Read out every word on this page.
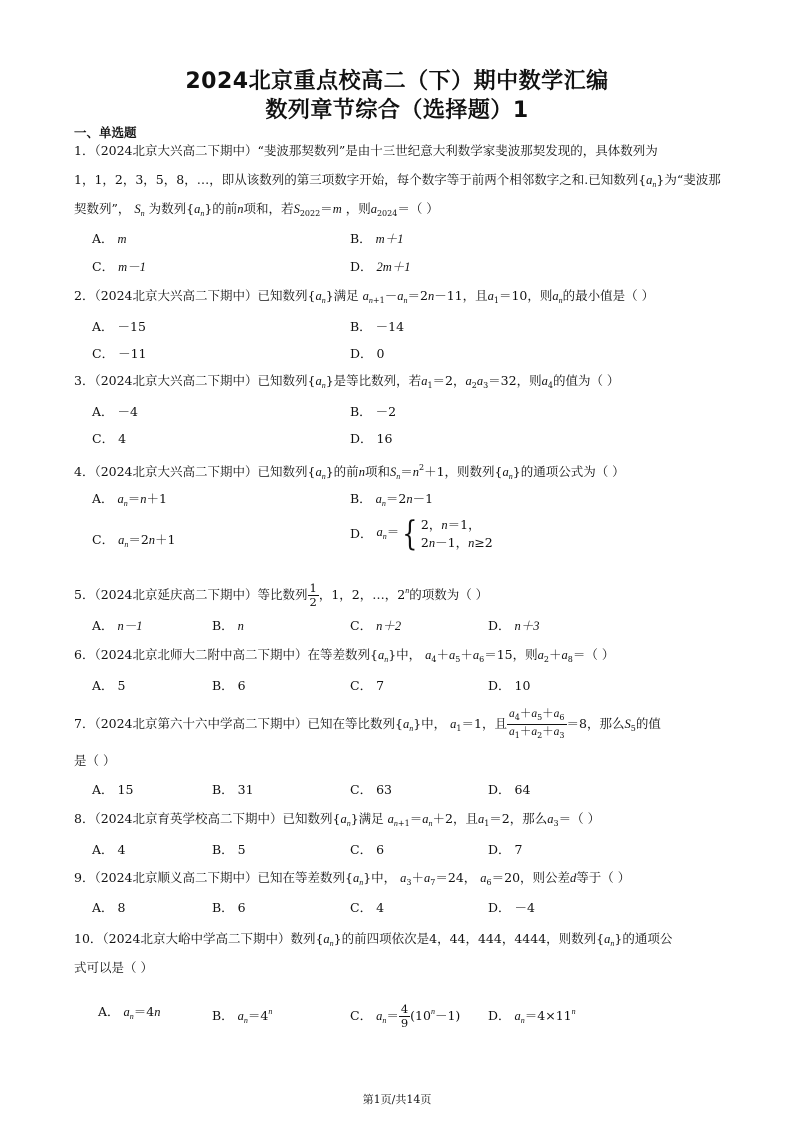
2024北京重点校高二（下）期中数学汇编
数列章节综合（选择题）1
一、单选题
1．（2024北京大兴高二下期中）“斐波那契数列”是由十三世纪意大利数学家斐波那契发现的，具体数列为
1，1，2，3，5，8，…，即从该数列的第三项数字开始，每个数字等于前两个相邻数字之和.已知数列$\{a_n\}$为“斐波那
契数列”， $S_n$ 为数列$\{a_n\}$的前n项和，若$S_{2022}=m$ ，则$a_{2024}=$（ ）
A． m	B． m＋1
C． m－1	D． 2m＋1
2．（2024北京大兴高二下期中）已知数列$\{a_n\}$满足 $a_{n+1}-a_n=2n-11$，且$a_1=10$，则$a_n$的最小值是（ ）
A． －15	B． －14
C． －11	D． 0
3．（2024北京大兴高二下期中）已知数列$\{a_n\}$是等比数列，若$a_1=2$，$a_2a_3=32$，则$a_4$的值为（ ）
A． －4	B． －2
C． 4	D． 16
4．（2024北京大兴高二下期中）已知数列$\{a_n\}$的前n项和$S_n=n^2+1$，则数列$\{a_n\}$的通项公式为（ ）
A． $a_n=n+1$	B． $a_n=2n-1$
C． $a_n=2n+1$	D． $a_n=${ 2，n＝1，
2n－1，n≥2
5．（2024北京延庆高二下期中）等比数列 $\frac{1}{2}$ ，1，2，…，2$^n$的项数为（ ）
A． n－1	B． n	C． n＋2	D． n＋3
6．（2024北京北师大二附中高二下期中）在等差数列$\{a_n\}$中， $a_4+a_5+a_6=15$，则$a_2+a_8=$（ ）
A． 5	B． 6	C． 7	D． 10
7．（2024北京第六十六中学高二下期中）已知在等比数列$\{a_n\}$中， $a_1=1$，且 $\frac{a_4+a_5+a_6}{a_1+a_2+a_3} =8$，那么$S_5$的值
是（ ）
A． 15	B． 31	C． 63	D． 64
8．（2024北京育英学校高二下期中）已知数列$\{a_n\}$满足 $a_{n+1}=a_n+2$，且$a_1=2$，那么$a_3=$（ ）
A． 4	B． 5	C． 6	D． 7
9．（2024北京顺义高二下期中）已知在等差数列$\{a_n\}$中， $a_3+a_7=24$， $a_6=20$，则公差d等于（ ）
A． 8	B． 6	C． 4	D． －4
10．（2024北京大峪中学高二下期中）数列$\{a_n\}$的前四项依次是4，44，444，4444，则数列$\{a_n\}$的通项公
式可以是（ ）
A． $a_n=4n$	B． $a_n=4^n$	C． $a_n= \frac{4}{9} (10^n-1)$ D． $a_n=4\times 11^n$
第1页/共14页
